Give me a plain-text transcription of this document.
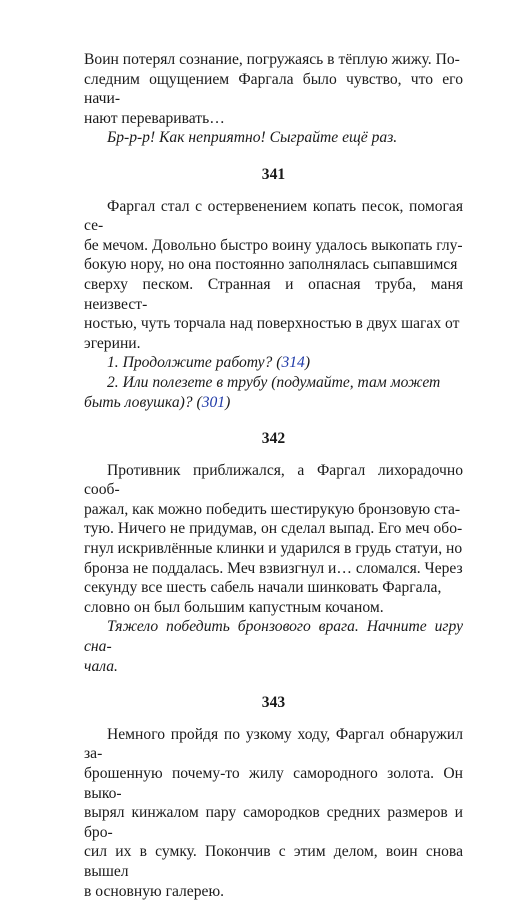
Воин потерял сознание, погружаясь в тёплую жижу. По-
следним ощущением Фаргала было чувство, что его начи-
нают переваривать…

Бр-р-р! Как неприятно! Сыграйте ещё раз.

341

Фаргал стал с остервенением копать песок, помогая се-
бе мечом. Довольно быстро воину удалось выкопать глу-
бокую нору, но она постоянно заполнялась сыпавшимся
сверху песком. Странная и опасная труба, маня неизвест-
ностью, чуть торчала над поверхностью в двух шагах от
эгерини.

1. Продолжите работу? (314)

2. Или полезете в трубу (подумайте, там может
быть ловушка)? (301)

342

Противник приближался, а Фаргал лихорадочно сооб-
ражал, как можно победить шестирукую бронзовую ста-
тую. Ничего не придумав, он сделал выпад. Его меч обо-
гнул искривлённые клинки и ударился в грудь статуи, но
бронза не поддалась. Меч взвизгнул и… сломался. Через
секунду все шесть сабель начали шинковать Фаргала,
словно он был большим капустным кочаном.

Тяжело победить бронзового врага. Начните игру сна-
чала.

343

Немного пройдя по узкому ходу, Фаргал обнаружил за-
брошенную почему-то жилу самородного золота. Он выко-
вырял кинжалом пару самородков средних размеров и бро-
сил их в сумку. Покончив с этим делом, воин снова вышел
в основную галерею.
